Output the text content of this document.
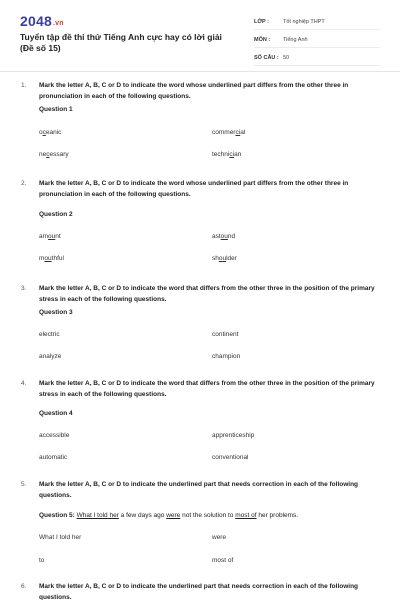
2048.vn
Tuyển tập đề thi thử Tiếng Anh cực hay có lời giải (Đề số 15)
LỚP :	Tốt nghiệp THPT
MÔN :	Tiếng Anh
SỐ CÂU : 50
1. Mark the letter A, B, C or D to indicate the word whose underlined part differs from the other three in pronunciation in each of the following questions.
Question 1
oceanic	commercial
necessary	technician
2. Mark the letter A, B, C or D to indicate the word whose underlined part differs from the other three in pronunciation in each of the following questions.
Question 2
amount	astound
mouthful	shoulder
3. Mark the letter A, B, C or D to indicate the word that differs from the other three in the position of the primary stress in each of the following questions.
Question 3
electric	continent
analyze	champion
4. Mark the letter A, B, C or D to indicate the word that differs from the other three in the position of the primary stress in each of the following questions.
Question 4
accessible	apprenticeship
automatic	conventional
5. Mark the letter A, B, C or D to indicate the underlined part that needs correction in each of the following questions.
Question 5: What I told her a few days ago were not the solution to most of her problems.
What I told her	were
to	most of
6. Mark the letter A, B, C or D to indicate the underlined part that needs correction in each of the following questions.
